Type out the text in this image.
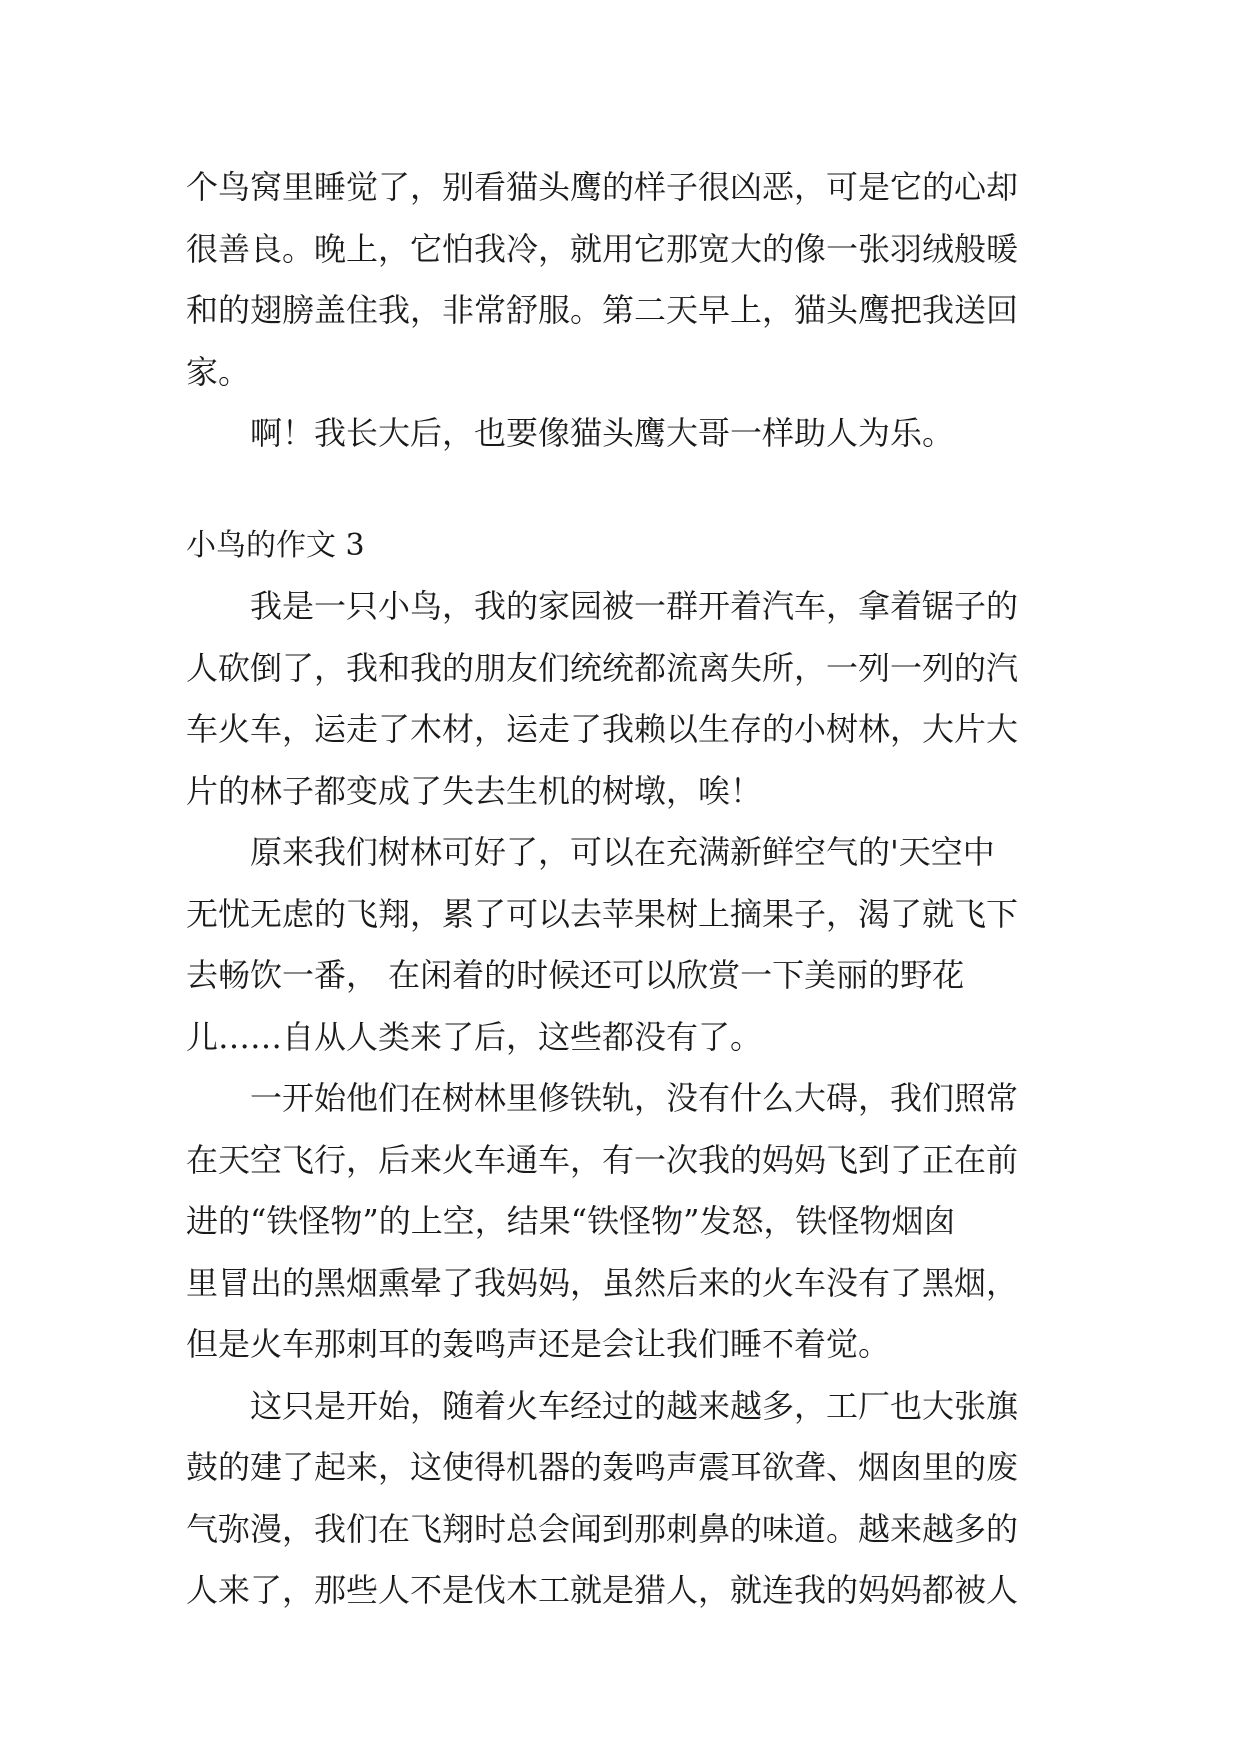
个鸟窝里睡觉了，别看猫头鹰的样子很凶恶，可是它的心却
很善良。晚上，它怕我冷，就用它那宽大的像一张羽绒般暖
和的翅膀盖住我，非常舒服。第二天早上，猫头鹰把我送回
家。

啊！我长大后，也要像猫头鹰大哥一样助人为乐。

小鸟的作文 3

我是一只小鸟，我的家园被一群开着汽车，拿着锯子的
人砍倒了，我和我的朋友们统统都流离失所，一列一列的汽
车火车，运走了木材，运走了我赖以生存的小树林，大片大
片的林子都变成了失去生机的树墩，唉！

原来我们树林可好了，可以在充满新鲜空气的'天空中
无忧无虑的飞翔，累了可以去苹果树上摘果子，渴了就飞下
去畅饮一番， 在闲着的时候还可以欣赏一下美丽的野花
儿……自从人类来了后，这些都没有了。

一开始他们在树林里修铁轨，没有什么大碍，我们照常
在天空飞行，后来火车通车，有一次我的妈妈飞到了正在前
进的“铁怪物”的上空，结果“铁怪物”发怒，铁怪物烟囱
里冒出的黑烟熏晕了我妈妈，虽然后来的火车没有了黑烟，
但是火车那刺耳的轰鸣声还是会让我们睡不着觉。

这只是开始，随着火车经过的越来越多，工厂也大张旗
鼓的建了起来，这使得机器的轰鸣声震耳欲聋、烟囱里的废
气弥漫，我们在飞翔时总会闻到那刺鼻的味道。越来越多的
人来了，那些人不是伐木工就是猎人，就连我的妈妈都被人
